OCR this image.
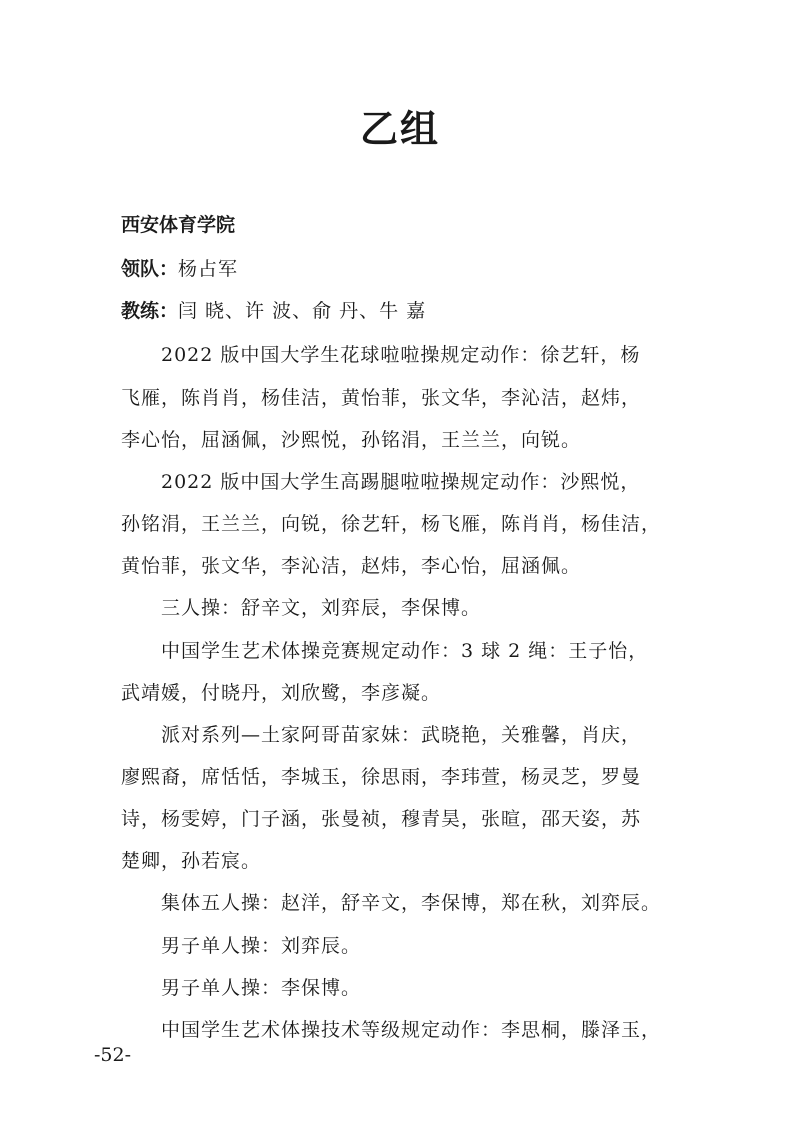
乙组
西安体育学院
领队：杨占军
教练：闫 晓、许 波、俞 丹、牛 嘉
2022 版中国大学生花球啦啦操规定动作：徐艺轩，杨
飞雁，陈肖肖，杨佳洁，黄怡菲，张文华，李沁洁，赵炜，
李心怡，屈涵佩，沙熙悦，孙铭涓，王兰兰，向锐。
2022 版中国大学生高踢腿啦啦操规定动作：沙熙悦，
孙铭涓，王兰兰，向锐，徐艺轩，杨飞雁，陈肖肖，杨佳洁，
黄怡菲，张文华，李沁洁，赵炜，李心怡，屈涵佩。
三人操：舒辛文，刘弈辰，李保博。
中国学生艺术体操竞赛规定动作：3 球 2 绳：王子怡，
武靖媛，付晓丹，刘欣鹭，李彦凝。
派对系列—土家阿哥苗家妹：武晓艳，关雅馨，肖庆，
廖熙裔，席恬恬，李城玉，徐思雨，李玮萱，杨灵芝，罗曼
诗，杨雯婷，门子涵，张曼祯，穆青昊，张暄，邵天姿，苏
楚卿，孙若宸。
集体五人操：赵洋，舒辛文，李保博，郑在秋，刘弈辰。
男子单人操：刘弈辰。
男子单人操：李保博。
中国学生艺术体操技术等级规定动作：李思桐，滕泽玉，
-52-
